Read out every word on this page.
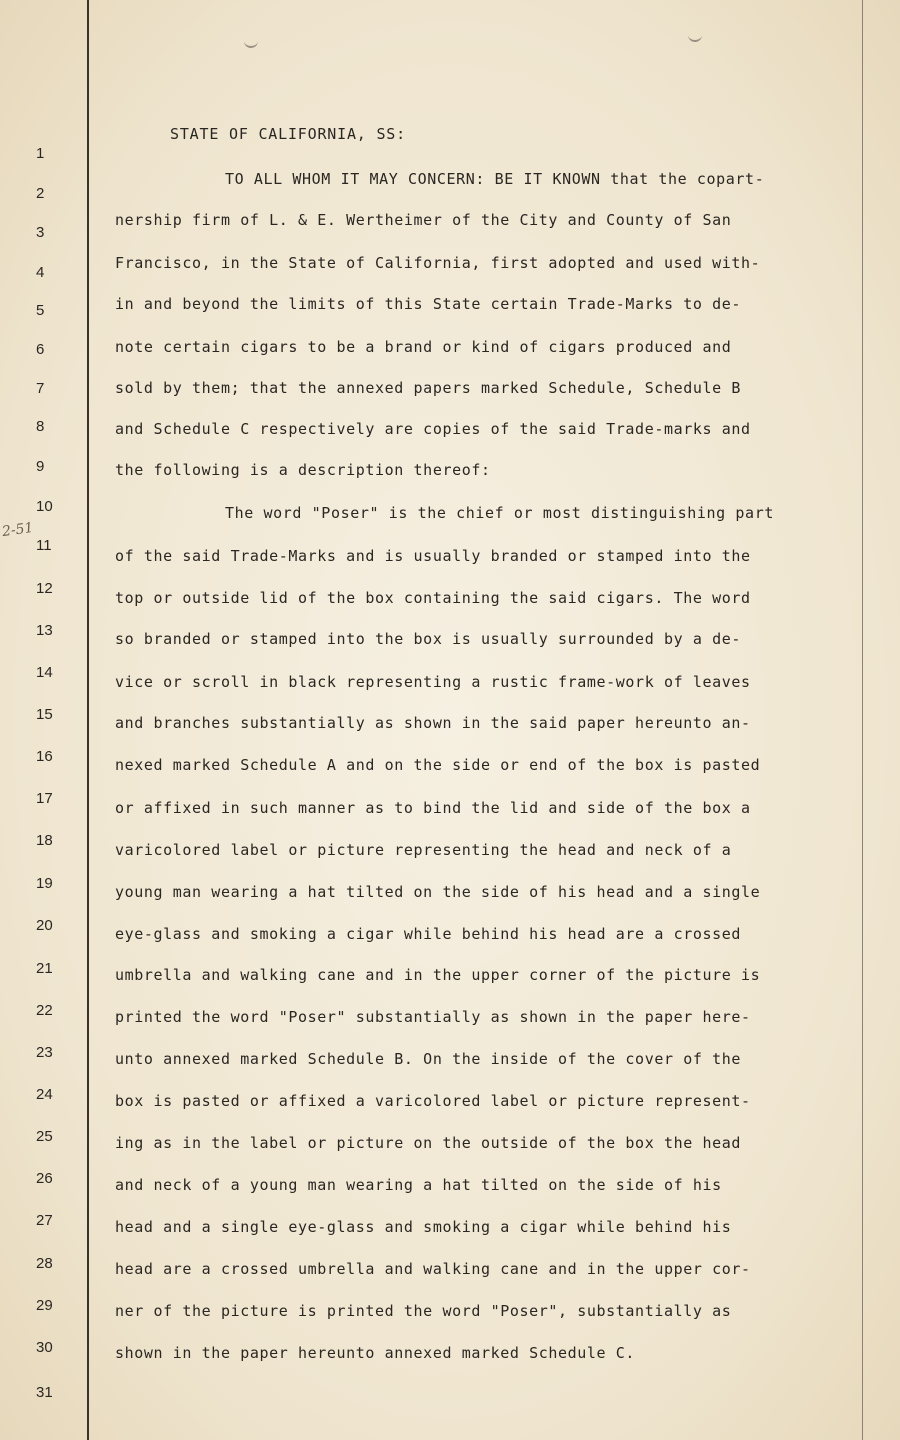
1
2
3
4
5
6
7
8
9
10
11
12
13
14
15
16
17
18
19
20
21
22
23
24
25
26
27
28
29
30
31
2-51
STATE OF CALIFORNIA, SS:
TO ALL WHOM IT MAY CONCERN: BE IT KNOWN that the copart-
nership firm of L. & E. Wertheimer of the City and County of San
Francisco, in the State of California, first adopted and used with-
in and beyond the limits of this State certain Trade-Marks to de-
note certain cigars to be a brand or kind of cigars produced and
sold by them; that the annexed papers marked Schedule, Schedule B
and Schedule C respectively are copies of the said Trade-marks and
the following is a description thereof:
The word "Poser" is the chief or most distinguishing part
of the said Trade-Marks and is usually branded or stamped into the
top or outside lid of the box containing the said cigars. The word
so branded or stamped into the box is usually surrounded by a de-
vice or scroll in black representing a rustic frame-work of leaves
and branches substantially as shown in the said paper hereunto an-
nexed marked Schedule A and on the side or end of the box is pasted
or affixed in such manner as to bind the lid and side of the box a
varicolored label or picture representing the head and neck of a
young man wearing a hat tilted on the side of his head and a single
eye-glass and smoking a cigar while behind his head are a crossed
umbrella and walking cane and in the upper corner of the picture is
printed the word "Poser" substantially as shown in the paper here-
unto annexed marked Schedule B. On the inside of the cover of the
box is pasted or affixed a varicolored label or picture represent-
ing as in the label or picture on the outside of the box the head
and neck of a young man wearing a hat tilted on the side of his
head and a single eye-glass and smoking a cigar while behind his
head are a crossed umbrella and walking cane and in the upper cor-
ner of the picture is printed the word "Poser", substantially as
shown in the paper hereunto annexed marked Schedule C.
